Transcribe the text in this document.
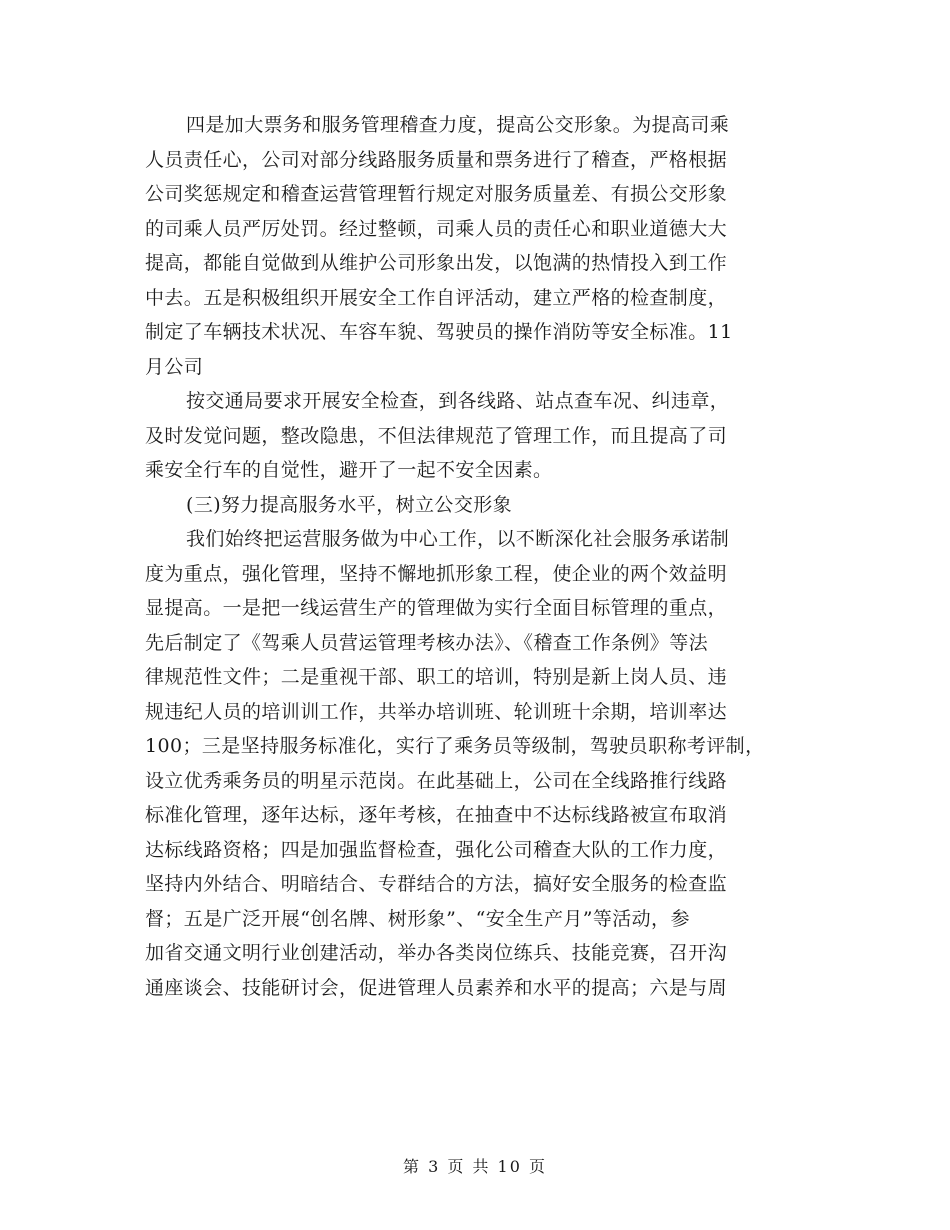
四是加大票务和服务管理稽查力度，提高公交形象。为提高司乘
人员责任心，公司对部分线路服务质量和票务进行了稽查，严格根据
公司奖惩规定和稽查运营管理暂行规定对服务质量差、有损公交形象
的司乘人员严厉处罚。经过整顿，司乘人员的责任心和职业道德大大
提高，都能自觉做到从维护公司形象出发，以饱满的热情投入到工作
中去。五是积极组织开展安全工作自评活动，建立严格的检查制度，
制定了车辆技术状况、车容车貌、驾驶员的操作消防等安全标准。11
月公司
按交通局要求开展安全检查，到各线路、站点查车况、纠违章，
及时发觉问题，整改隐患，不但法律规范了管理工作，而且提高了司
乘安全行车的自觉性，避开了一起不安全因素。
(三)努力提高服务水平，树立公交形象
我们始终把运营服务做为中心工作，以不断深化社会服务承诺制
度为重点，强化管理，坚持不懈地抓形象工程，使企业的两个效益明
显提高。一是把一线运营生产的管理做为实行全面目标管理的重点，
先后制定了《驾乘人员营运管理考核办法》、《稽查工作条例》等法
律规范性文件；二是重视干部、职工的培训，特别是新上岗人员、违
规违纪人员的培训训工作，共举办培训班、轮训班十余期，培训率达
100；三是坚持服务标准化，实行了乘务员等级制，驾驶员职称考评制，
设立优秀乘务员的明星示范岗。在此基础上，公司在全线路推行线路
标准化管理，逐年达标，逐年考核，在抽查中不达标线路被宣布取消
达标线路资格；四是加强监督检查，强化公司稽查大队的工作力度，
坚持内外结合、明暗结合、专群结合的方法，搞好安全服务的检查监
督；五是广泛开展“创名牌、树形象”、“安全生产月”等活动，参
加省交通文明行业创建活动，举办各类岗位练兵、技能竞赛，召开沟
通座谈会、技能研讨会，促进管理人员素养和水平的提高；六是与周
第 3 页 共 10 页
